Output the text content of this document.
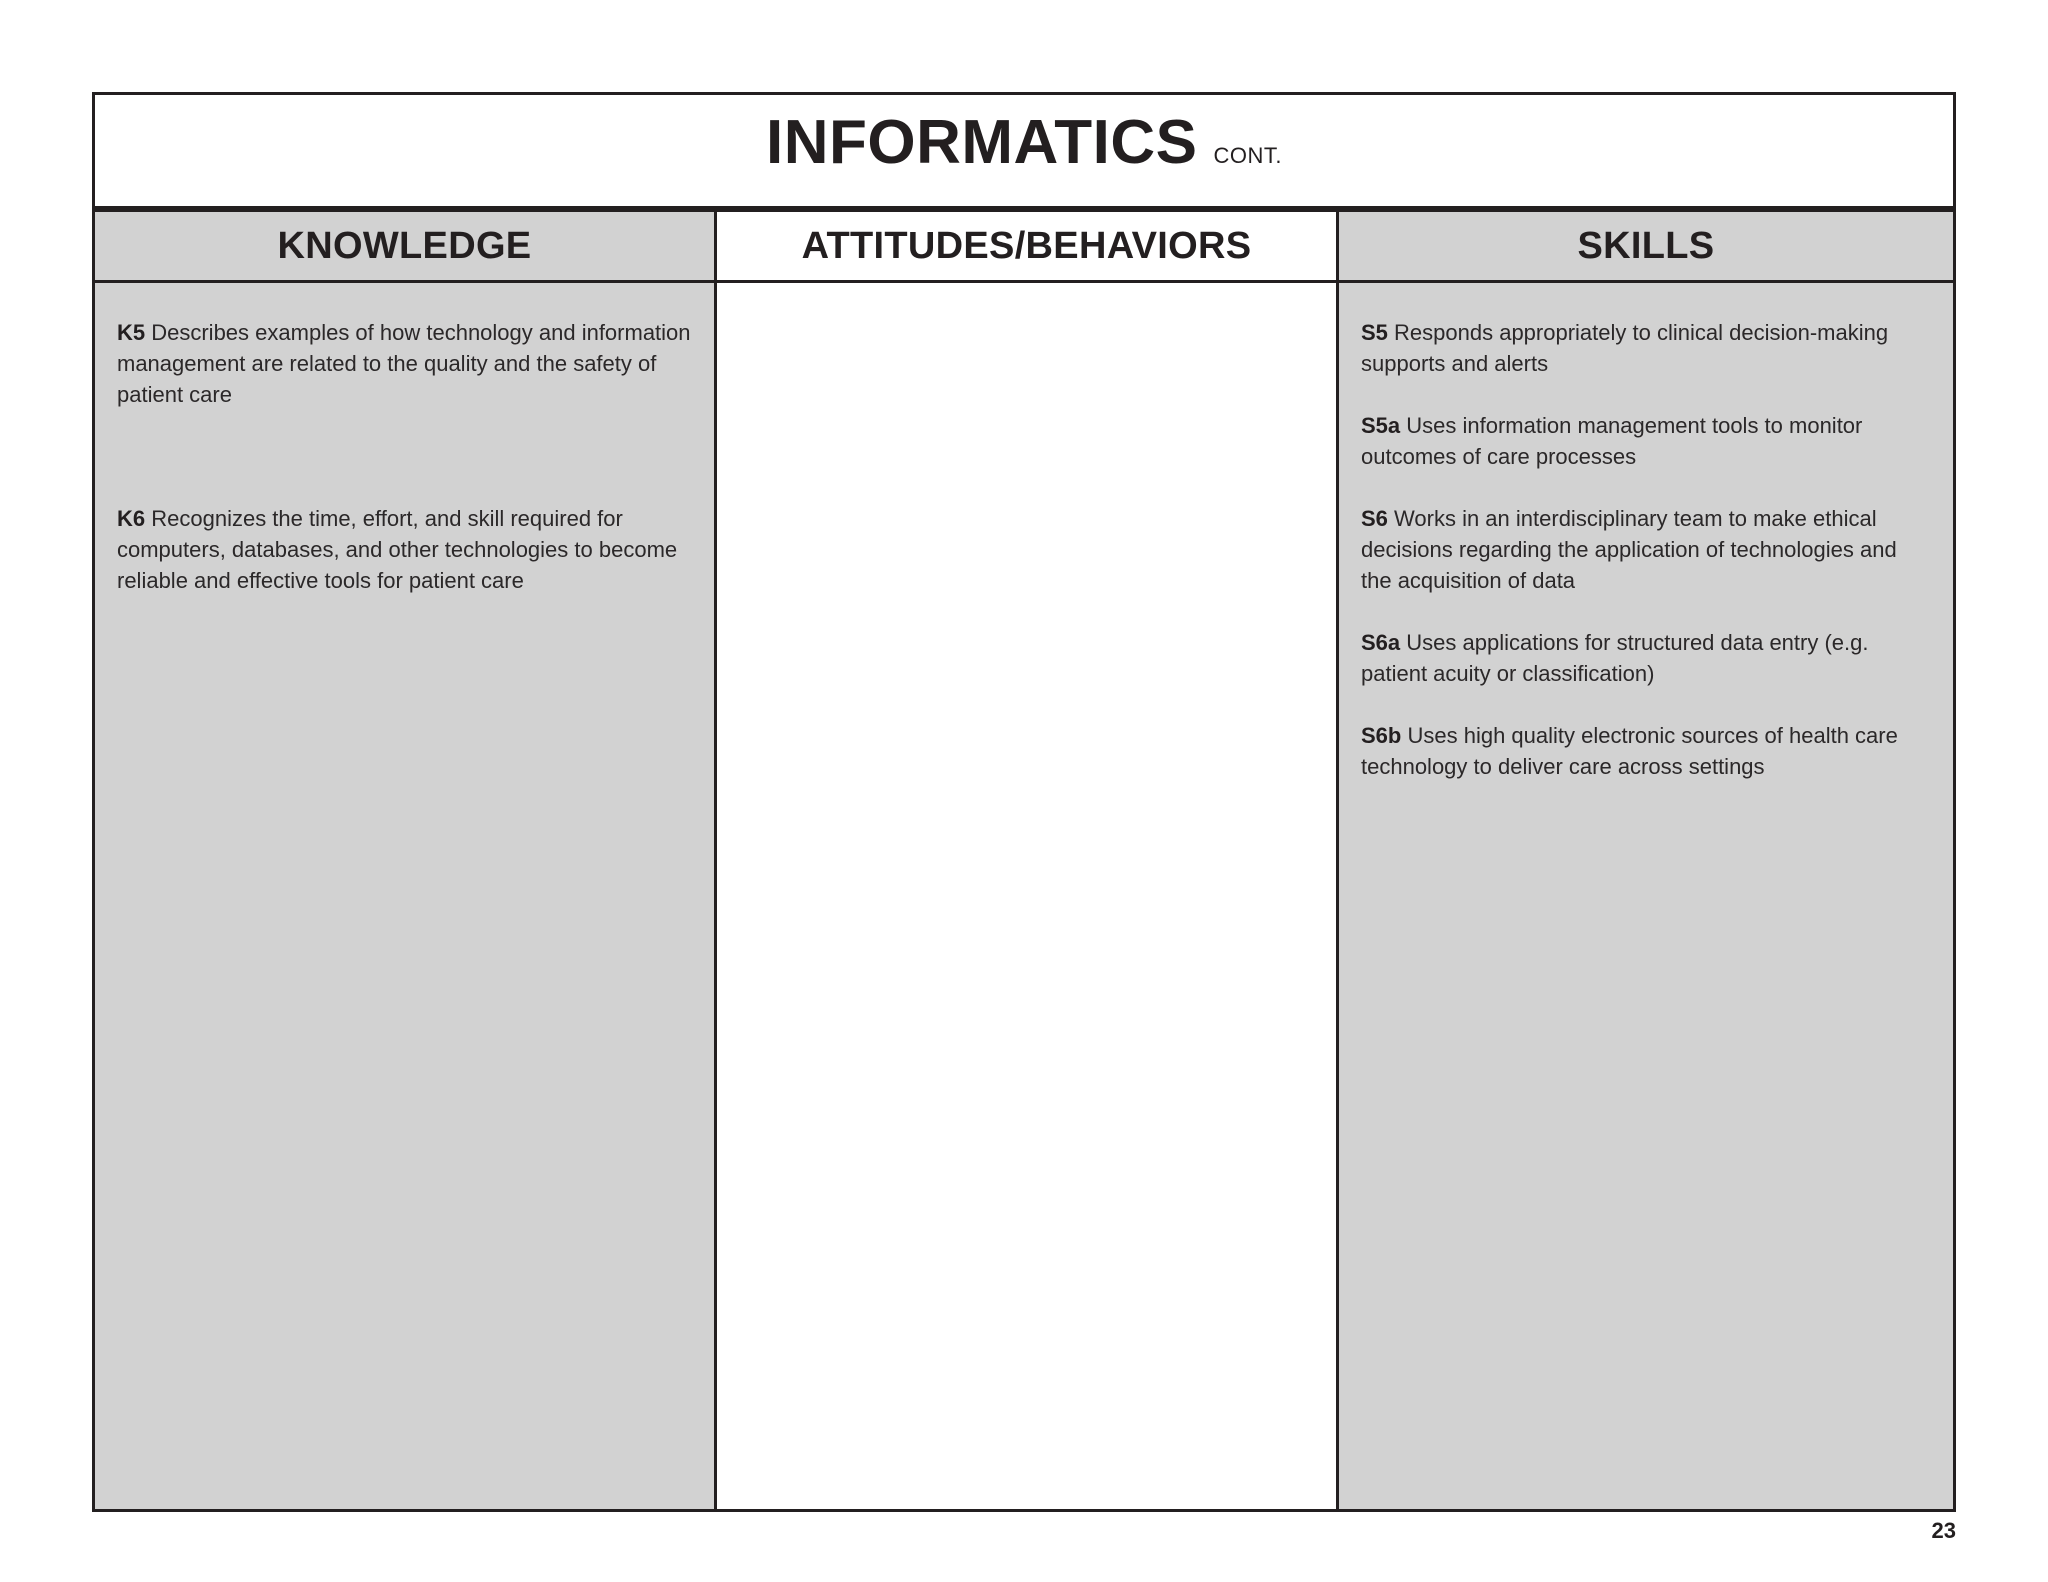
INFORMATICS CONT.
KNOWLEDGE

K5 Describes examples of how technology and information management are related to the quality and the safety of patient care

K6 Recognizes the time, effort, and skill required for computers, databases, and other technologies to become reliable and effective tools for patient care

ATTITUDES/BEHAVIORS	SKILLS

S5 Responds appropriately to clinical decision-making supports and alerts

S5a Uses information management tools to monitor outcomes of care processes

S6 Works in an interdisciplinary team to make ethical decisions regarding the application of technologies and the acquisition of data

S6a Uses applications for structured data entry (e.g. patient acuity or classification)

S6b Uses high quality electronic sources of health care technology to deliver care across settings

23
